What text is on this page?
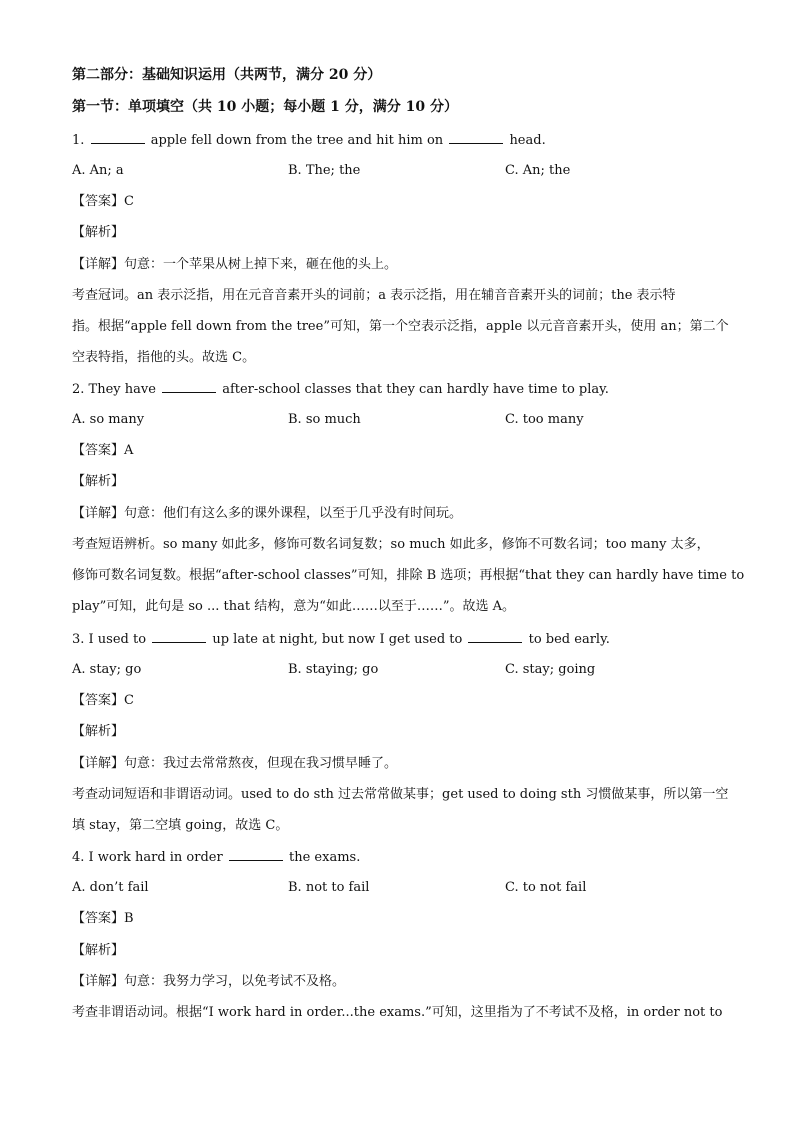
第二部分：基础知识运用（共两节，满分 20 分）
第一节：单项填空（共 10 小题；每小题 1 分，满分 10 分）
1.	apple fell down from the tree and hit him on	head.
A. An; a	B. The; the	C. An; the
【答案】C
【解析】
【详解】句意：一个苹果从树上掉下来，砸在他的头上。
考查冠词。an 表示泛指，用在元音音素开头的词前；a 表示泛指，用在辅音音素开头的词前；the 表示特
指。根据“apple fell down from the tree”可知，第一个空表示泛指，apple 以元音音素开头，使用 an；第二个
空表特指，指他的头。故选 C。
2. They have	after-school classes that they can hardly have time to play.
A. so many	B. so much	C. too many
【答案】A
【解析】
【详解】句意：他们有这么多的课外课程，以至于几乎没有时间玩。
考查短语辨析。so many 如此多，修饰可数名词复数；so much 如此多，修饰不可数名词；too many 太多，
修饰可数名词复数。根据“after-school classes”可知，排除 B 选项；再根据“that they can hardly have time to
play”可知，此句是 so ... that 结构，意为“如此……以至于……”。故选 A。
3. I used to	up late at night, but now I get used to	to bed early.
A. stay; go	B. staying; go	C. stay; going
【答案】C
【解析】
【详解】句意：我过去常常熬夜，但现在我习惯早睡了。
考查动词短语和非谓语动词。used to do sth 过去常常做某事；get used to doing sth 习惯做某事，所以第一空
填 stay，第二空填 going，故选 C。
4. I work hard in order	the exams.
A. don’t fail	B. not to fail	C. to not fail
【答案】B
【解析】
【详解】句意：我努力学习，以免考试不及格。
考查非谓语动词。根据“I work hard in order...the exams.”可知，这里指为了不考试不及格，in order not to
